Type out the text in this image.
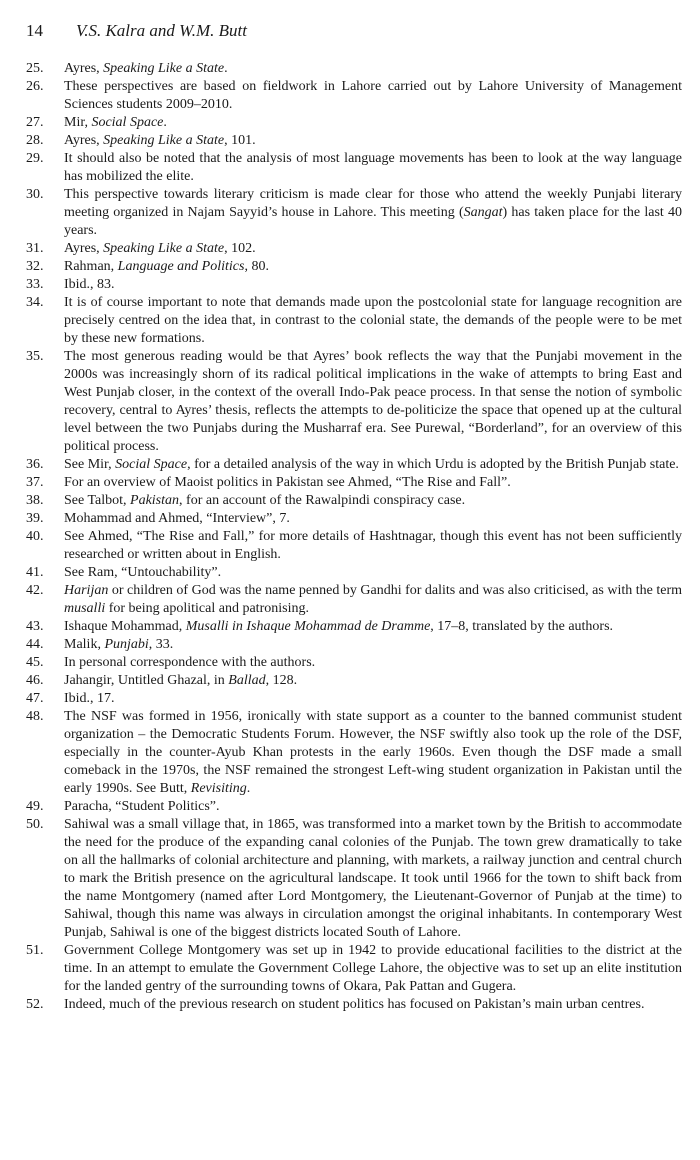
14	V.S. Kalra and W.M. Butt
25.	Ayres, Speaking Like a State.
26.	These perspectives are based on fieldwork in Lahore carried out by Lahore University of Management Sciences students 2009–2010.
27.	Mir, Social Space.
28.	Ayres, Speaking Like a State, 101.
29.	It should also be noted that the analysis of most language movements has been to look at the way language has mobilized the elite.
30.	This perspective towards literary criticism is made clear for those who attend the weekly Punjabi literary meeting organized in Najam Sayyid’s house in Lahore. This meeting (Sangat) has taken place for the last 40 years.
31.	Ayres, Speaking Like a State, 102.
32.	Rahman, Language and Politics, 80.
33.	Ibid., 83.
34.	It is of course important to note that demands made upon the postcolonial state for language recognition are precisely centred on the idea that, in contrast to the colonial state, the demands of the people were to be met by these new formations.
35.	The most generous reading would be that Ayres’ book reflects the way that the Punjabi movement in the 2000s was increasingly shorn of its radical political implications in the wake of attempts to bring East and West Punjab closer, in the context of the overall Indo-Pak peace process. In that sense the notion of symbolic recovery, central to Ayres’ thesis, reflects the attempts to de-politicize the space that opened up at the cultural level between the two Punjabs during the Musharraf era. See Purewal, “Borderland”, for an overview of this political process.
36.	See Mir, Social Space, for a detailed analysis of the way in which Urdu is adopted by the British Punjab state.
37.	For an overview of Maoist politics in Pakistan see Ahmed, “The Rise and Fall”.
38.	See Talbot, Pakistan, for an account of the Rawalpindi conspiracy case.
39.	Mohammad and Ahmed, “Interview”, 7.
40.	See Ahmed, “The Rise and Fall,” for more details of Hashtnagar, though this event has not been sufficiently researched or written about in English.
41.	See Ram, “Untouchability”.
42.	Harijan or children of God was the name penned by Gandhi for dalits and was also criticised, as with the term musalli for being apolitical and patronising.
43.	Ishaque Mohammad, Musalli in Ishaque Mohammad de Dramme, 17–8, translated by the authors.
44.	Malik, Punjabi, 33.
45.	In personal correspondence with the authors.
46.	Jahangir, Untitled Ghazal, in Ballad, 128.
47.	Ibid., 17.
48.	The NSF was formed in 1956, ironically with state support as a counter to the banned communist student organization – the Democratic Students Forum. However, the NSF swiftly also took up the role of the DSF, especially in the counter-Ayub Khan protests in the early 1960s. Even though the DSF made a small comeback in the 1970s, the NSF remained the strongest Left-wing student organization in Pakistan until the early 1990s. See Butt, Revisiting.
49.	Paracha, “Student Politics”.
50.	Sahiwal was a small village that, in 1865, was transformed into a market town by the British to accommodate the need for the produce of the expanding canal colonies of the Punjab. The town grew dramatically to take on all the hallmarks of colonial architecture and planning, with markets, a railway junction and central church to mark the British presence on the agricultural landscape. It took until 1966 for the town to shift back from the name Montgomery (named after Lord Montgomery, the Lieutenant-Governor of Punjab at the time) to Sahiwal, though this name was always in circulation amongst the original inhabitants. In contemporary West Punjab, Sahiwal is one of the biggest districts located South of Lahore.
51.	Government College Montgomery was set up in 1942 to provide educational facilities to the district at the time. In an attempt to emulate the Government College Lahore, the objective was to set up an elite institution for the landed gentry of the surrounding towns of Okara, Pak Pattan and Gugera.
52.	Indeed, much of the previous research on student politics has focused on Pakistan’s main urban centres.
